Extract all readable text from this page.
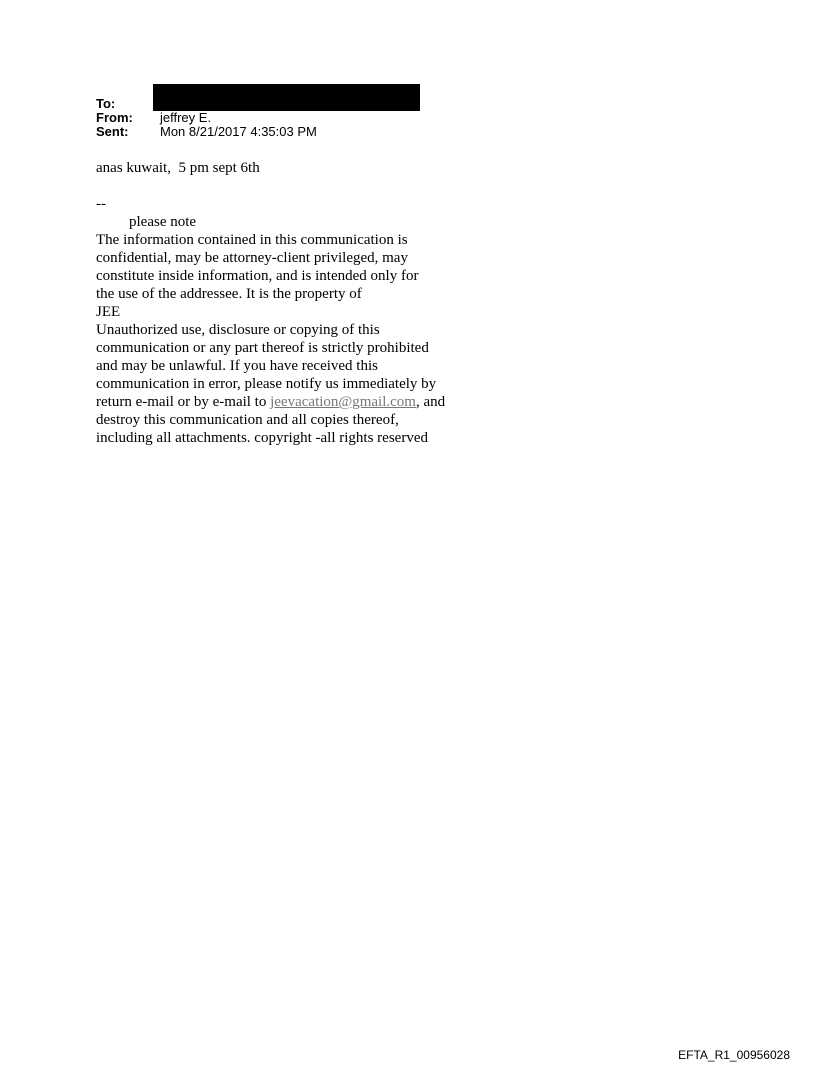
To:
From:	jeffrey E.
Sent:	Mon 8/21/2017 4:35:03 PM
anas kuwait,  5 pm sept 6th
--
please note
The information contained in this communication is
confidential, may be attorney-client privileged, may
constitute inside information, and is intended only for
the use of the addressee. It is the property of
JEE
Unauthorized use, disclosure or copying of this
communication or any part thereof is strictly prohibited
and may be unlawful. If you have received this
communication in error, please notify us immediately by
return e-mail or by e-mail to jeevacation@gmail.com, and
destroy this communication and all copies thereof,
including all attachments. copyright -all rights reserved
EFTA_R1_00956028
